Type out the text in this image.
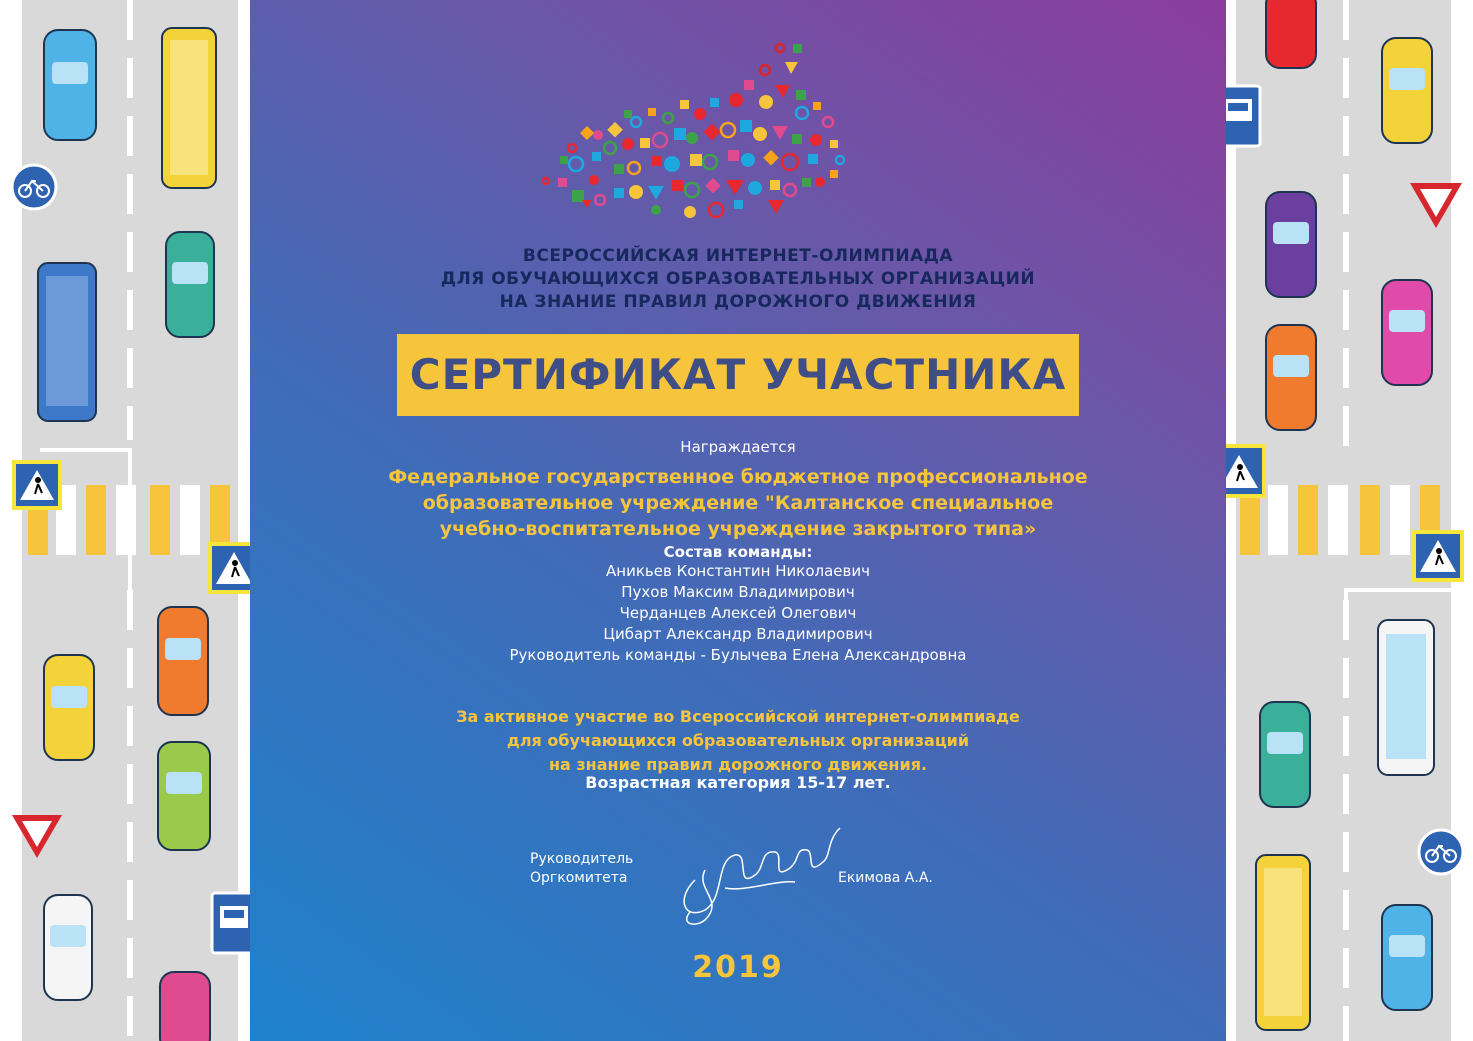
ВСЕРОССИЙСКАЯ ИНТЕРНЕТ-ОЛИМПИАДА
ДЛЯ ОБУЧАЮЩИХСЯ ОБРАЗОВАТЕЛЬНЫХ ОРГАНИЗАЦИЙ
НА ЗНАНИЕ ПРАВИЛ ДОРОЖНОГО ДВИЖЕНИЯ
СЕРТИФИКАТ УЧАСТНИКА
Награждается
Федеральное государственное бюджетное профессиональное
образовательное учреждение "Калтанское специальное
учебно-воспитательное учреждение закрытого типа»
Состав команды:
Аникьев Константин Николаевич
Пухов Максим Владимирович
Черданцев Алексей Олегович
Цибарт Александр Владимирович
Руководитель команды - Булычева Елена Александровна
За активное участие во Всероссийской интернет-олимпиаде
для обучающихся образовательных организаций
на знание правил дорожного движения.
Возрастная категория 15-17 лет.
Руководитель
Оргкомитета	Екимова А.А.
2019
